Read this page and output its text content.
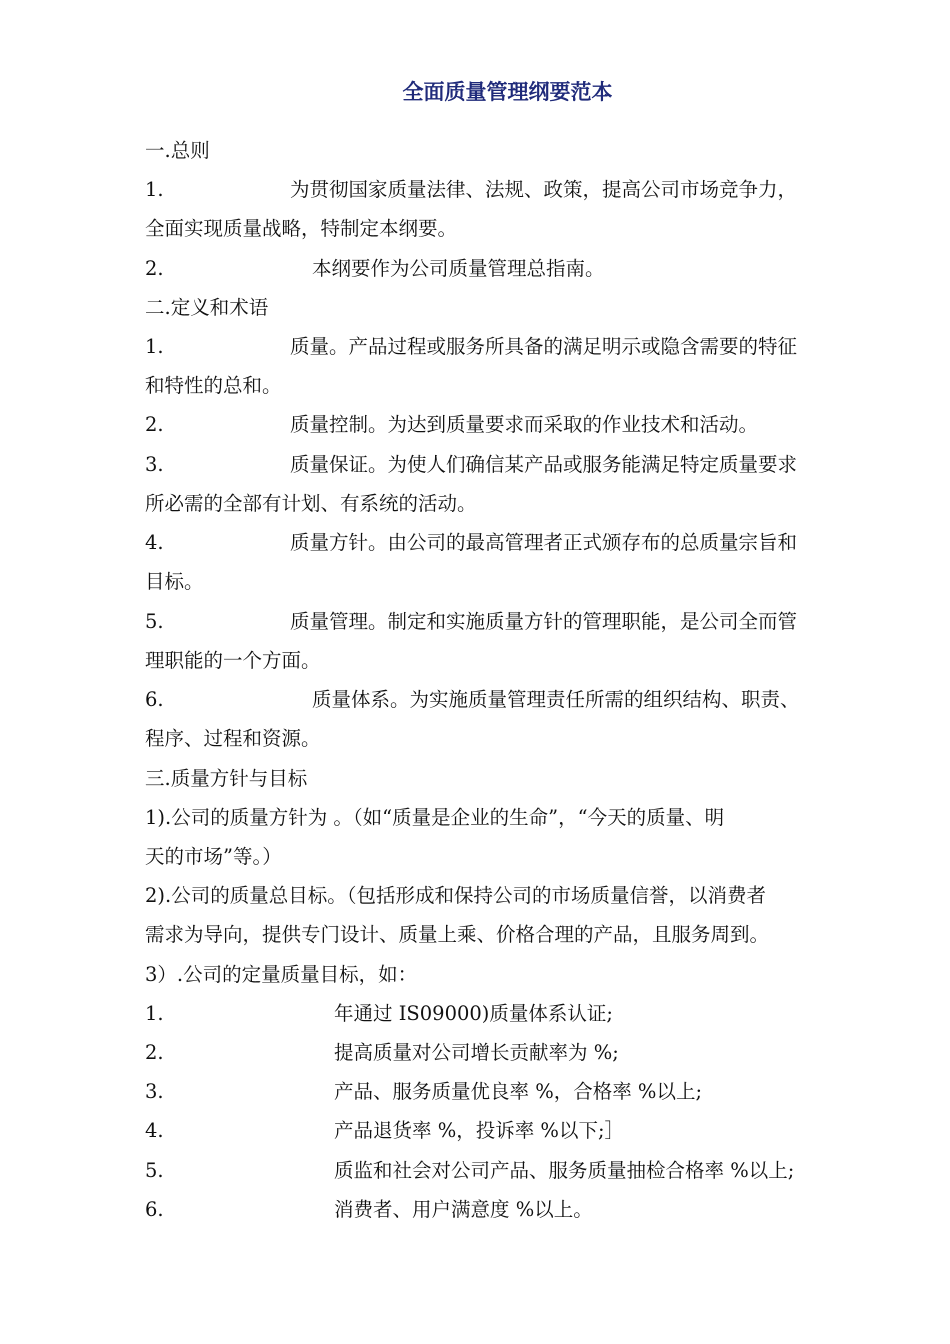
全面质量管理纲要范本
一.总则
1.	为贯彻国家质量法律、法规、政策，提高公司市场竞争力，
全面实现质量战略，特制定本纲要。
2.	本纲要作为公司质量管理总指南。
二.定义和术语
1.	质量。产品过程或服务所具备的满足明示或隐含需要的特征
和特性的总和。
2.	质量控制。为达到质量要求而采取的作业技术和活动。
3.	质量保证。为使人们确信某产品或服务能满足特定质量要求
所必需的全部有计划、有系统的活动。
4.	质量方针。由公司的最高管理者正式颁存布的总质量宗旨和
目标。
5.	质量管理。制定和实施质量方针的管理职能，是公司全而管
理职能的一个方面。
6.	质量体系。为实施质量管理责任所需的组织结构、职责、
程序、过程和资源。
三.质量方针与目标
1).公司的质量方针为 。（如“质量是企业的生命”，“今天的质量、明
天的市场”等。）
2).公司的质量总目标。（包括形成和保持公司的市场质量信誉，以消费者
需求为导向，提供专门设计、质量上乘、价格合理的产品，且服务周到。
3）.公司的定量质量目标，如：
1.	年通过 IS09000)质量体系认证;
2.	提高质量对公司增长贡献率为 %;
3.	产品、服务质量优良率 %，合格率 %以上;
4.	产品退货率 %，投诉率 %以下;］
5.	质监和社会对公司产品、服务质量抽检合格率 %以上;
6.	消费者、用户满意度 %以上。
